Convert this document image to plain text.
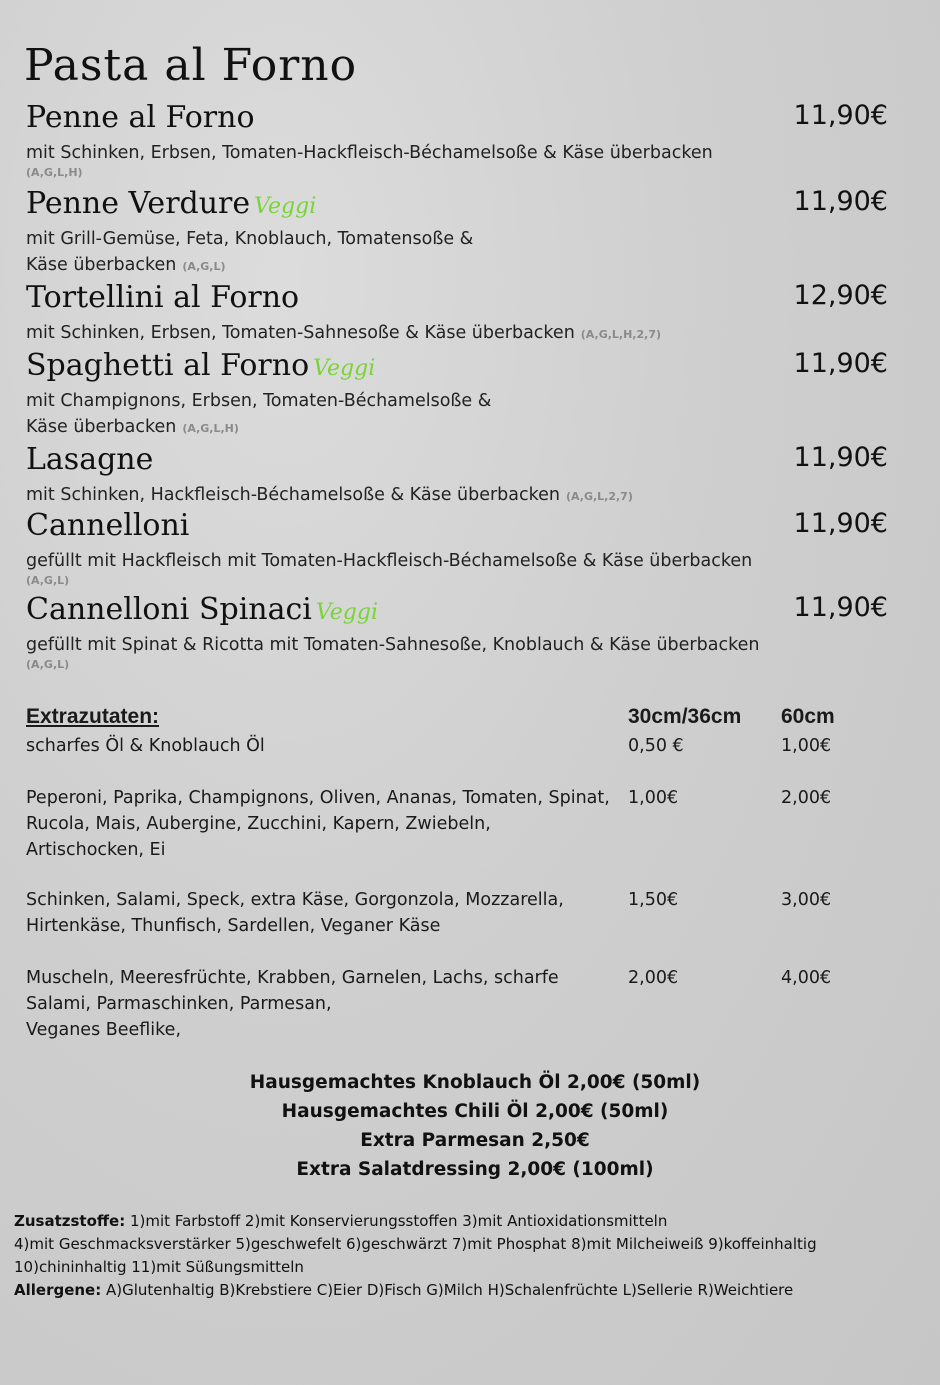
Pasta al Forno
Penne al Forno	11,90€
mit Schinken, Erbsen, Tomaten-Hackfleisch-Béchamelsoße & Käse überbacken
(A,G,L,H)
Penne Verdure Veggi	11,90€
mit Grill-Gemüse, Feta, Knoblauch, Tomatensoße &
Käse überbacken (A,G,L)
Tortellini al Forno	12,90€
mit Schinken, Erbsen, Tomaten-Sahnesoße & Käse überbacken (A,G,L,H,2,7)
Spaghetti al Forno Veggi	11,90€
mit Champignons, Erbsen, Tomaten-Béchamelsoße &
Käse überbacken (A,G,L,H)
Lasagne	11,90€
mit Schinken, Hackfleisch-Béchamelsoße & Käse überbacken (A,G,L,2,7)
Cannelloni	11,90€
gefüllt mit Hackfleisch mit Tomaten-Hackfleisch-Béchamelsoße & Käse überbacken
(A,G,L)
Cannelloni Spinaci Veggi	11,90€
gefüllt mit Spinat & Ricotta mit Tomaten-Sahnesoße, Knoblauch & Käse überbacken
(A,G,L)
Extrazutaten:	30cm/36cm 60cm
scharfes Öl & Knoblauch Öl	0,50 €	1,00€
Peperoni, Paprika, Champignons, Oliven, Ananas, Tomaten, Spinat,
Rucola, Mais, Aubergine, Zucchini, Kapern, Zwiebeln,
Artischocken, Ei
1,00€	2,00€
Schinken, Salami, Speck, extra Käse, Gorgonzola, Mozzarella,
Hirtenkäse, Thunfisch, Sardellen, Veganer Käse
1,50€	3,00€
Muscheln, Meeresfrüchte, Krabben, Garnelen, Lachs, scharfe
Salami, Parmaschinken, Parmesan,
Veganes Beeflike,
2,00€	4,00€
Hausgemachtes Knoblauch Öl 2,00€ (50ml)
Hausgemachtes Chili Öl 2,00€ (50ml)
Extra Parmesan 2,50€
Extra Salatdressing 2,00€ (100ml)
Zusatzstoffe: 1)mit Farbstoff 2)mit Konservierungsstoffen 3)mit Antioxidationsmitteln
4)mit Geschmacksverstärker 5)geschwefelt 6)geschwärzt 7)mit Phosphat 8)mit Milcheiweiß 9)koffeinhaltig
10)chininhaltig 11)mit Süßungsmitteln
Allergene: A)Glutenhaltig B)Krebstiere C)Eier D)Fisch G)Milch H)Schalenfrüchte L)Sellerie R)Weichtiere
